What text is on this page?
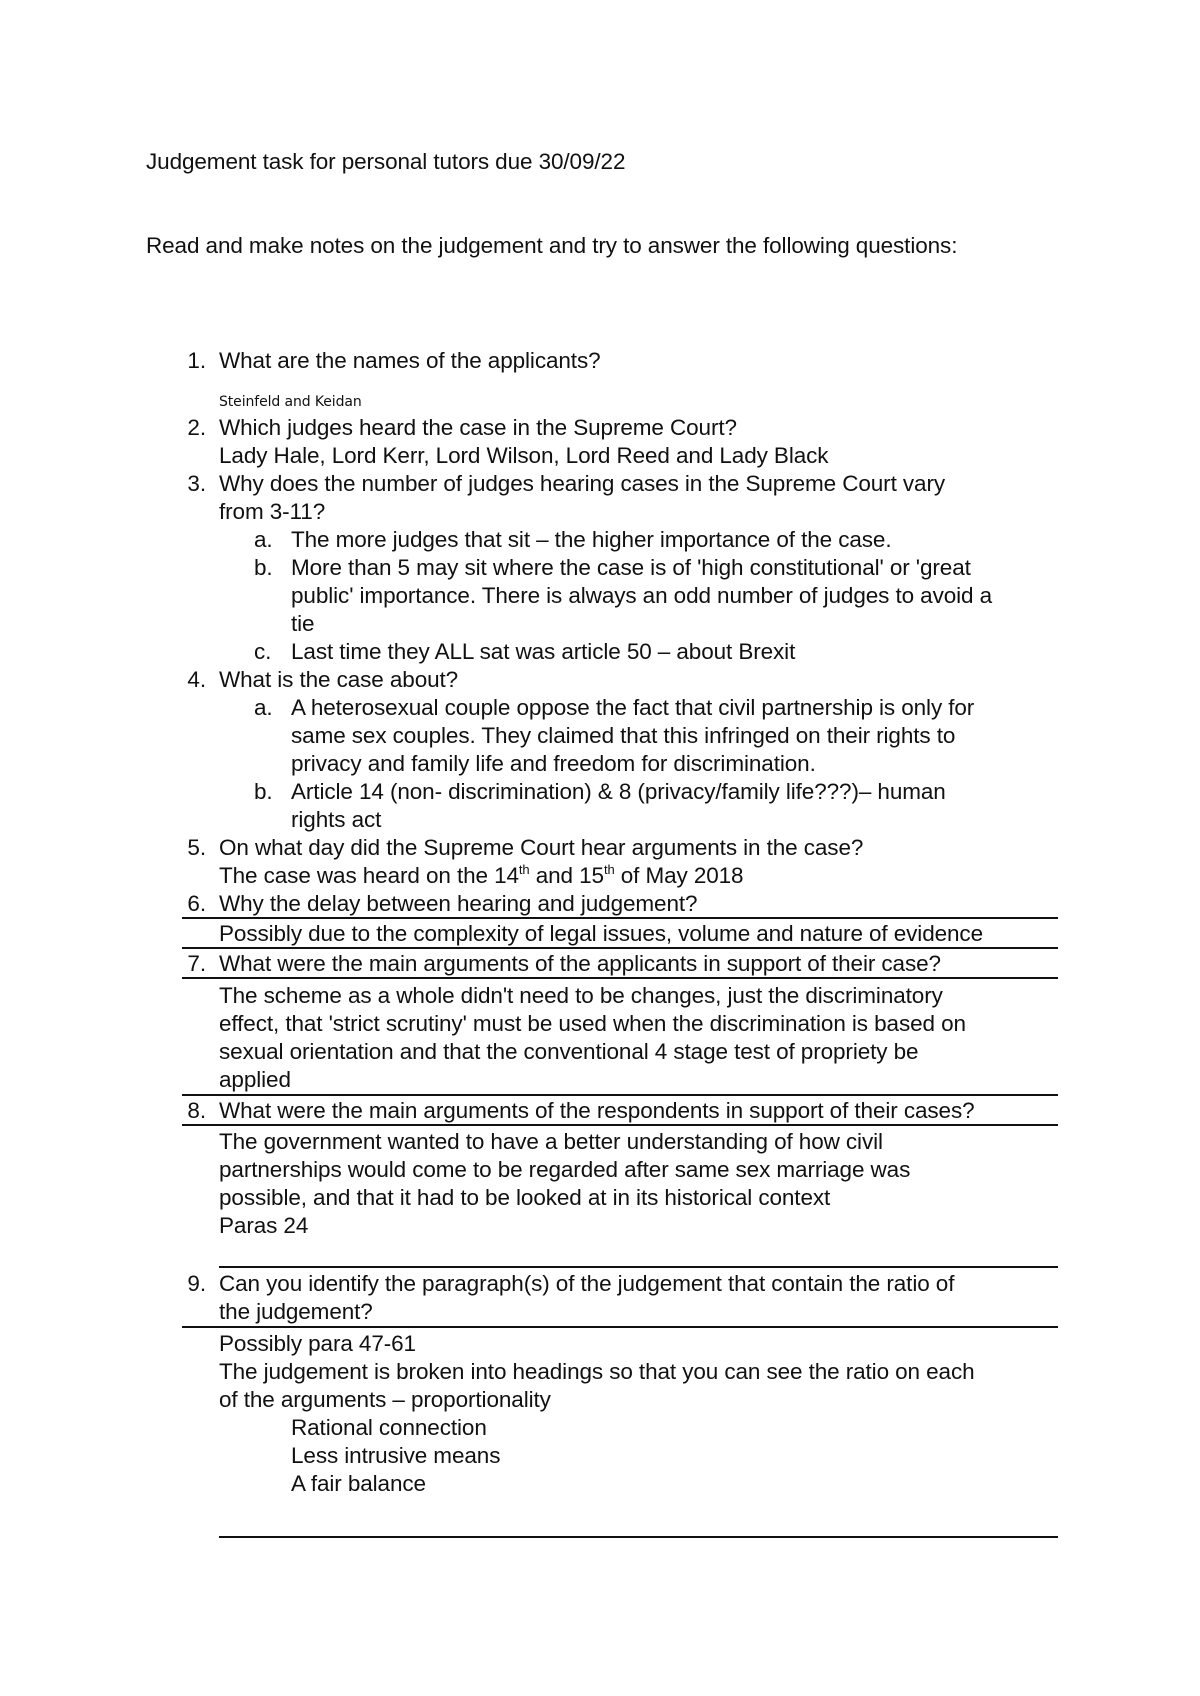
Judgement task for personal tutors due 30/09/22
Read and make notes on the judgement and try to answer the following questions:
1. What are the names of the applicants?
Steinfeld and Keidan
2. Which judges heard the case in the Supreme Court?
Lady Hale, Lord Kerr, Lord Wilson, Lord Reed and Lady Black
3. Why does the number of judges hearing cases in the Supreme Court vary
from 3-11?
a. The more judges that sit – the higher importance of the case.
b. More than 5 may sit where the case is of 'high constitutional' or 'great
public' importance. There is always an odd number of judges to avoid a
tie
c. Last time they ALL sat was article 50 – about Brexit
4. What is the case about?
a. A heterosexual couple oppose the fact that civil partnership is only for
same sex couples. They claimed that this infringed on their rights to
privacy and family life and freedom for discrimination.
b. Article 14 (non- discrimination) & 8 (privacy/family life???)– human
rights act
5. On what day did the Supreme Court hear arguments in the case?
The case was heard on the 14th and 15th of May 2018
6. Why the delay between hearing and judgement?
Possibly due to the complexity of legal issues, volume and nature of evidence
7. What were the main arguments of the applicants in support of their case?
The scheme as a whole didn't need to be changes, just the discriminatory
effect, that 'strict scrutiny' must be used when the discrimination is based on
sexual orientation and that the conventional 4 stage test of propriety be
applied
8. What were the main arguments of the respondents in support of their cases?
The government wanted to have a better understanding of how civil
partnerships would come to be regarded after same sex marriage was
possible, and that it had to be looked at in its historical context
Paras 24
9. Can you identify the paragraph(s) of the judgement that contain the ratio of
the judgement?
Possibly para 47-61
The judgement is broken into headings so that you can see the ratio on each
of the arguments – proportionality
Rational connection
Less intrusive means
A fair balance
